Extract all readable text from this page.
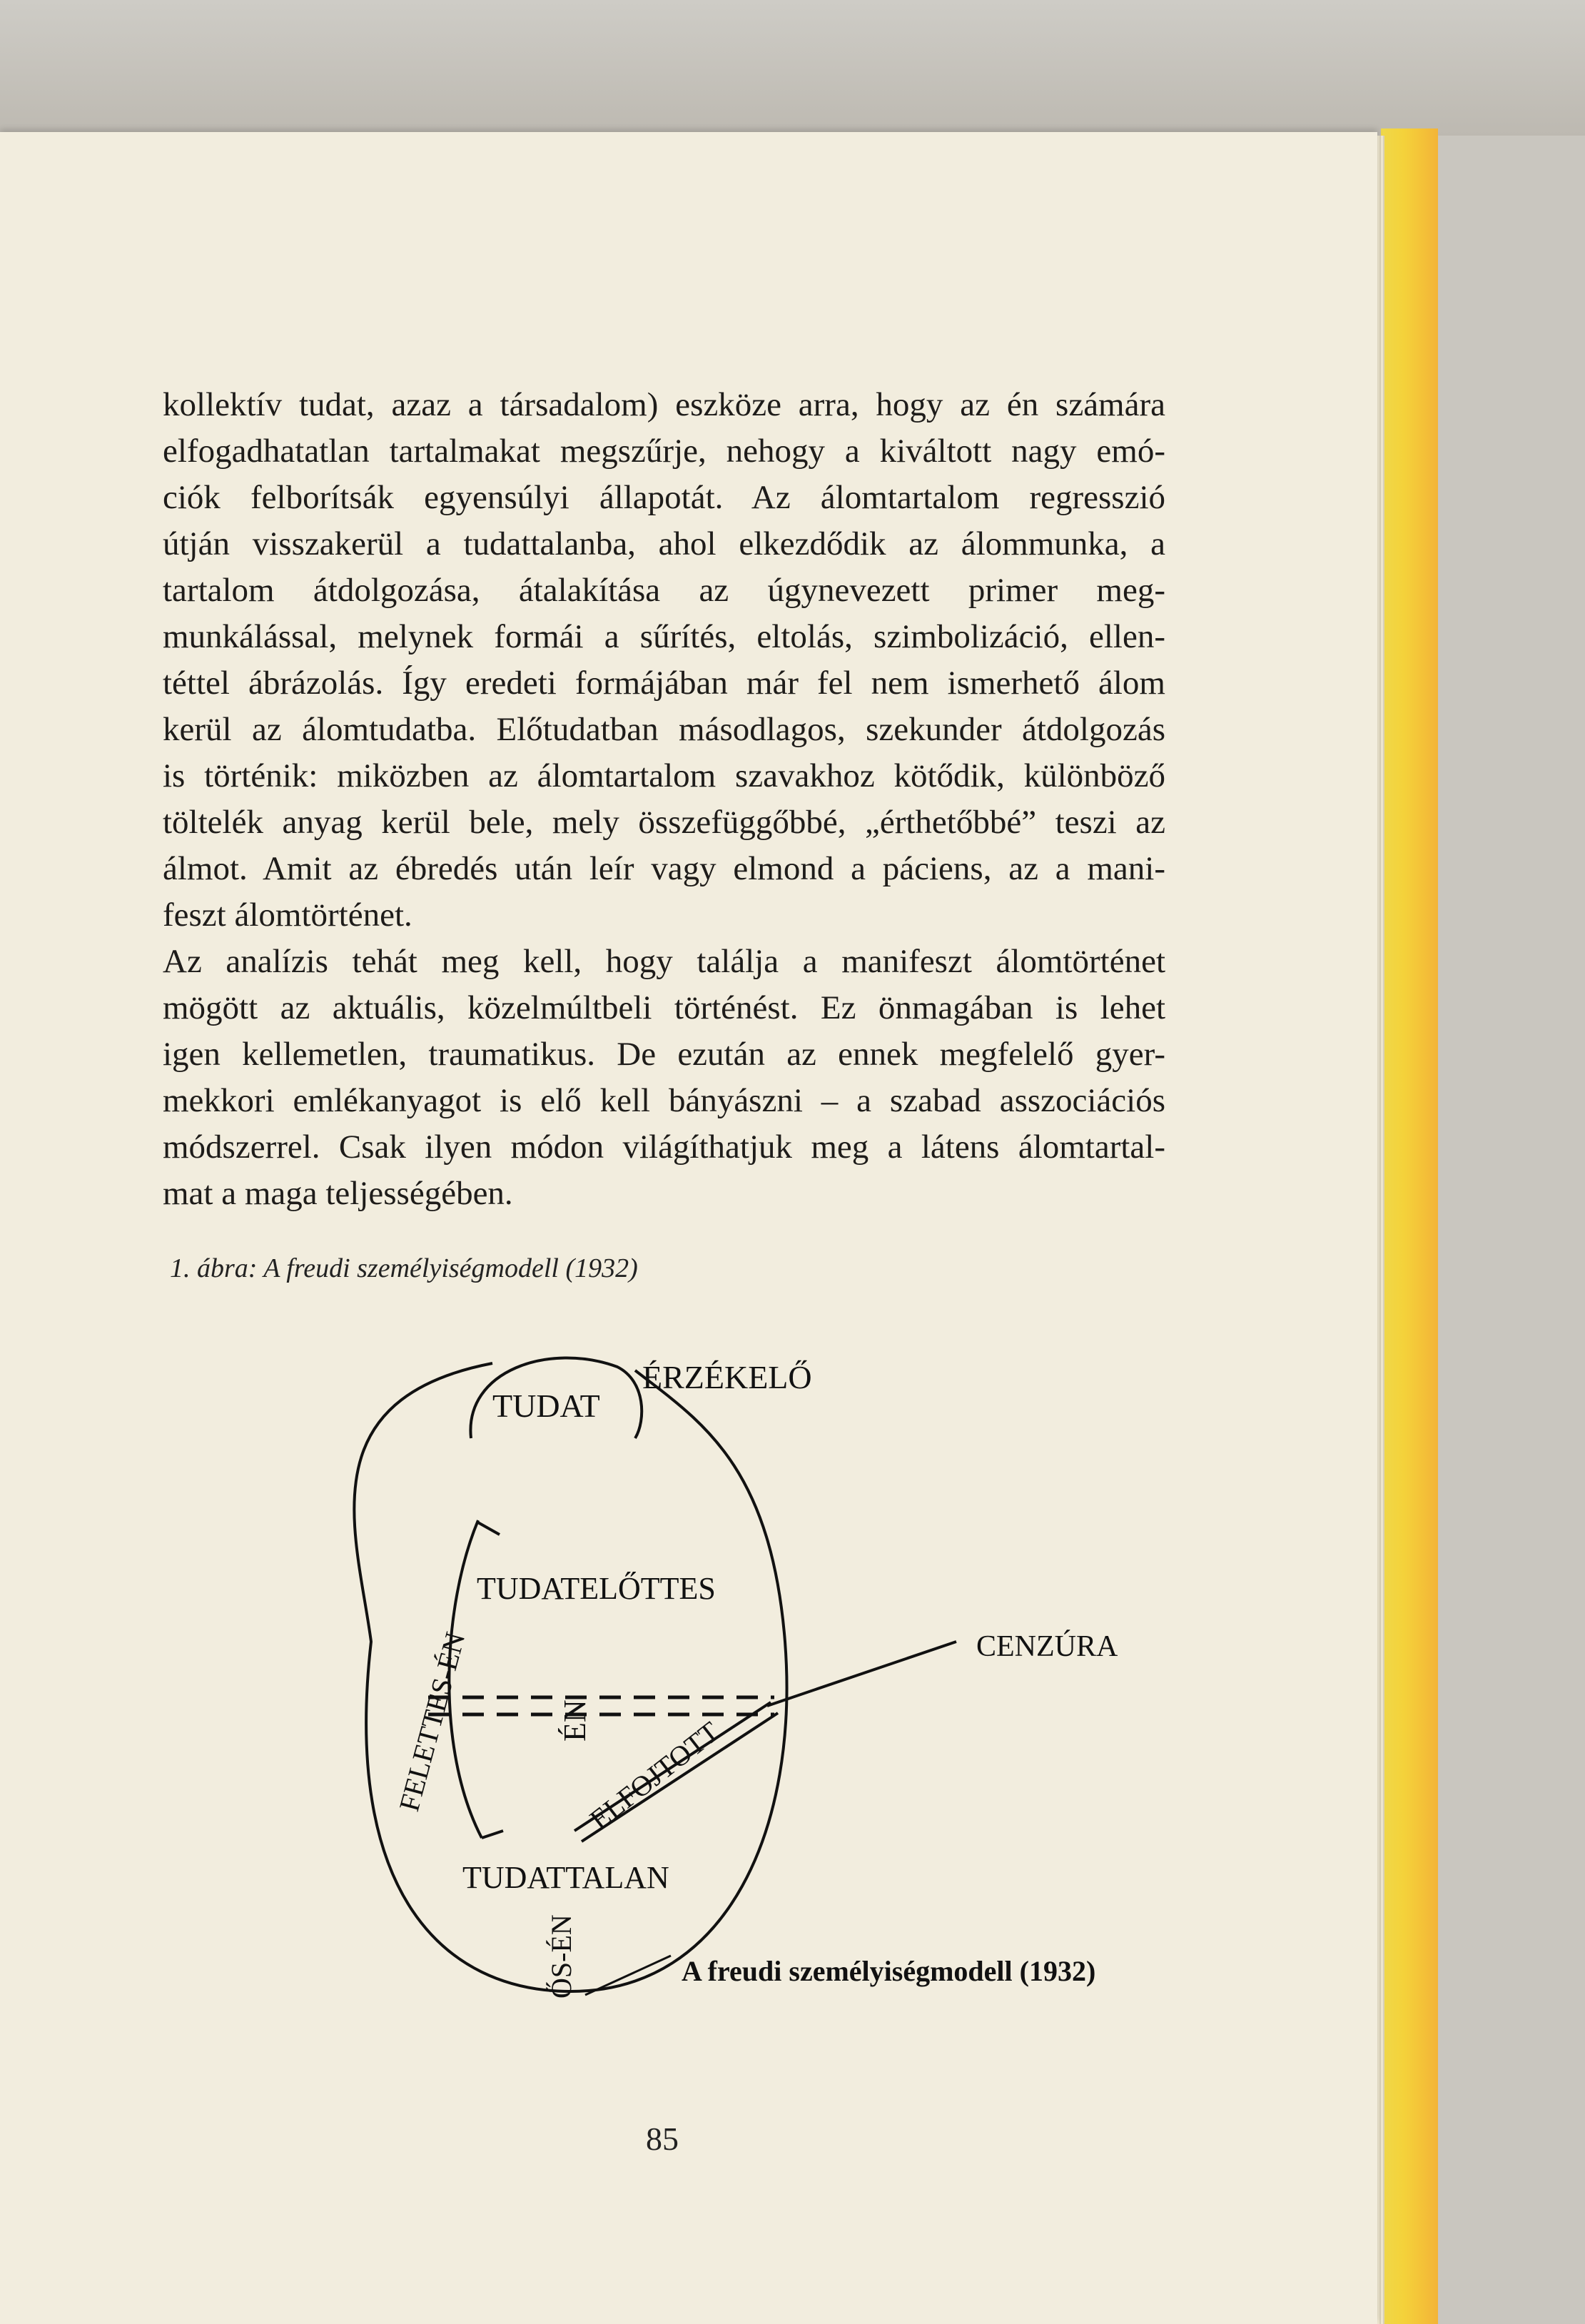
kollektív tudat, azaz a társadalom) eszköze arra, hogy az én számára
elfogadhatatlan tartalmakat megszűrje, nehogy a kiváltott nagy emó-
ciók felborítsák egyensúlyi állapotát. Az álomtartalom regresszió
útján visszakerül a tudattalanba, ahol elkezdődik az álommunka, a
tartalom átdolgozása, átalakítása az úgynevezett primer meg-
munkálással, melynek formái a sűrítés, eltolás, szimbolizáció, ellen-
téttel ábrázolás. Így eredeti formájában már fel nem ismerhető álom
kerül az álomtudatba. Előtudatban másodlagos, szekunder átdolgozás
is történik: miközben az álomtartalom szavakhoz kötődik, különböző
töltelék anyag kerül bele, mely összefüggőbbé, „érthetőbbé” teszi az
álmot. Amit az ébredés után leír vagy elmond a páciens, az a mani-
feszt álomtörténet.
Az analízis tehát meg kell, hogy találja a manifeszt álomtörténet
mögött az aktuális, közelmúltbeli történést. Ez önmagában is lehet
igen kellemetlen, traumatikus. De ezután az ennek megfelelő gyer-
mekkori emlékanyagot is elő kell bányászni – a szabad asszociációs
módszerrel. Csak ilyen módon világíthatjuk meg a látens álomtartal-
mat a maga teljességében.
1. ábra: A freudi személyiségmodell (1932)
TUDAT
ÉRZÉKELŐ
TUDATELŐTTES
CENZÚRA
ÉN
FELETTES-ÉN	ELFOJTOTT
TUDATTALAN
ŐS-ÉN	A freudi személyiségmodell (1932)
85
